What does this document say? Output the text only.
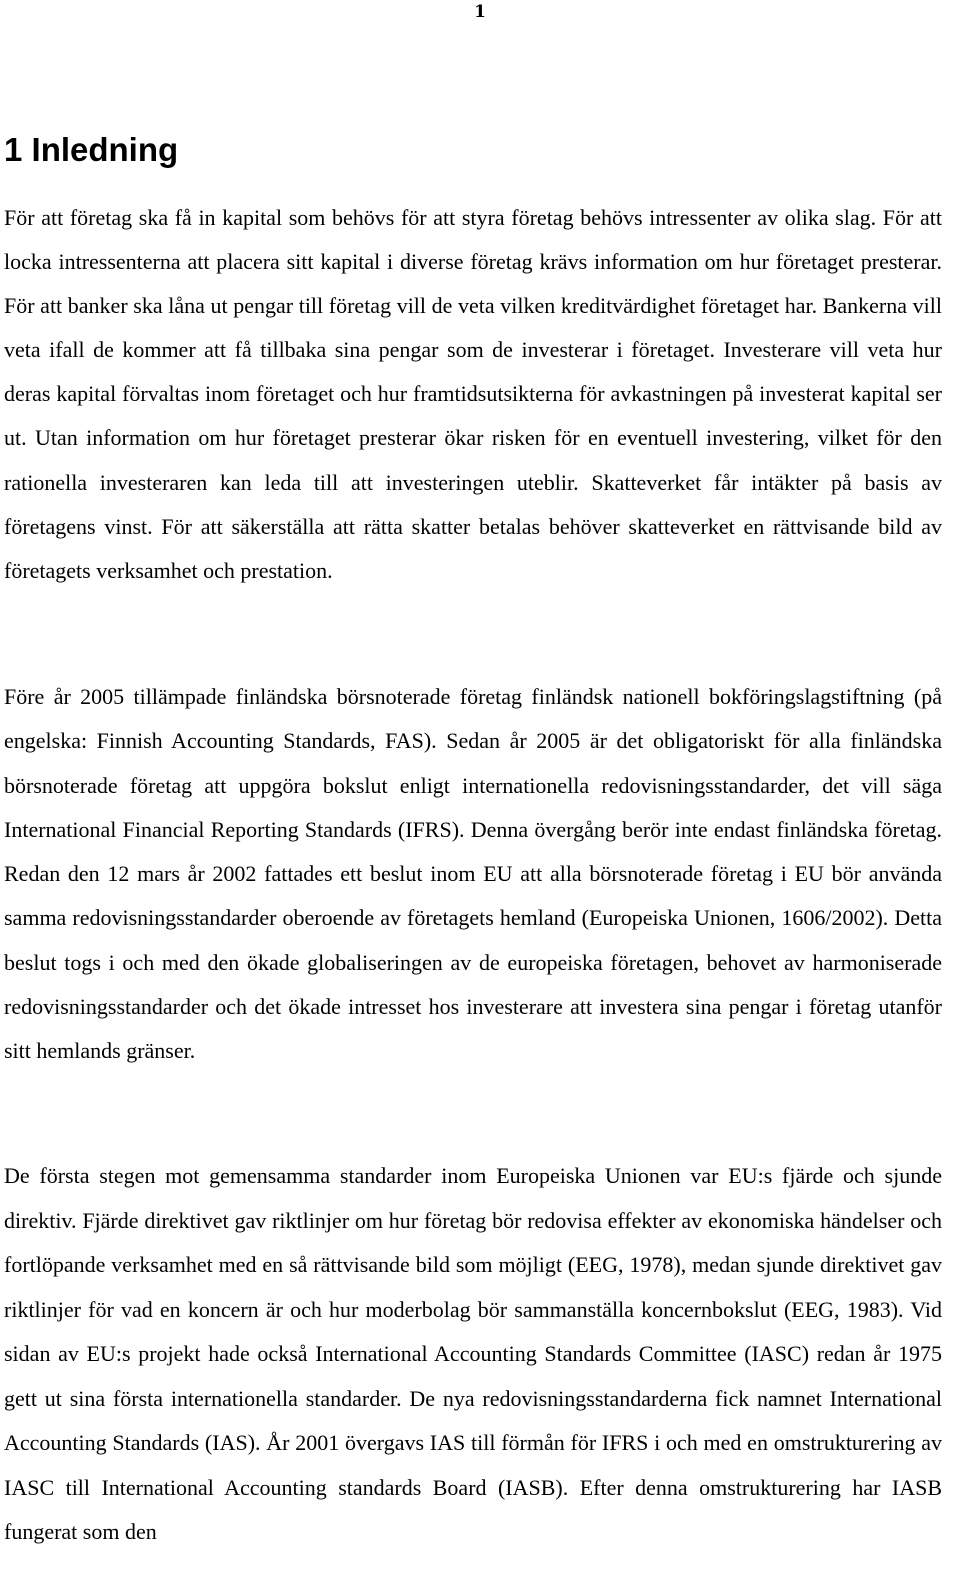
1
1 Inledning

För att företag ska få in kapital som behövs för att styra företag behövs intressenter av olika slag. För att locka intressenterna att placera sitt kapital i diverse företag krävs information om hur företaget presterar. För att banker ska låna ut pengar till företag vill de veta vilken kreditvärdighet företaget har. Bankerna vill veta ifall de kommer att få tillbaka sina pengar som de investerar i företaget. Investerare vill veta hur deras kapital förvaltas inom företaget och hur framtidsutsikterna för avkastningen på investerat kapital ser ut. Utan information om hur företaget presterar ökar risken för en eventuell investering, vilket för den rationella investeraren kan leda till att investeringen uteblir. Skatteverket får intäkter på basis av företagens vinst. För att säkerställa att rätta skatter betalas behöver skatteverket en rättvisande bild av företagets verksamhet och prestation.

Före år 2005 tillämpade finländska börsnoterade företag finländsk nationell bokföringslagstiftning (på engelska: Finnish Accounting Standards, FAS). Sedan år 2005 är det obligatoriskt för alla finländska börsnoterade företag att uppgöra bokslut enligt internationella redovisningsstandarder, det vill säga International Financial Reporting Standards (IFRS). Denna övergång berör inte endast finländska företag. Redan den 12 mars år 2002 fattades ett beslut inom EU att alla börsnoterade företag i EU bör använda samma redovisningsstandarder oberoende av företagets hemland (Europeiska Unionen, 1606/2002). Detta beslut togs i och med den ökade globaliseringen av de europeiska företagen, behovet av harmoniserade redovisningsstandarder och det ökade intresset hos investerare att investera sina pengar i företag utanför sitt hemlands gränser.

De första stegen mot gemensamma standarder inom Europeiska Unionen var EU:s fjärde och sjunde direktiv. Fjärde direktivet gav riktlinjer om hur företag bör redovisa effekter av ekonomiska händelser och fortlöpande verksamhet med en så rättvisande bild som möjligt (EEG, 1978), medan sjunde direktivet gav riktlinjer för vad en koncern är och hur moderbolag bör sammanställa koncernbokslut (EEG, 1983). Vid sidan av EU:s projekt hade också International Accounting Standards Committee (IASC) redan år 1975 gett ut sina första internationella standarder. De nya redovisningsstandarderna fick namnet International Accounting Standards (IAS). År 2001 övergavs IAS till förmån för IFRS i och med en omstrukturering av IASC till International Accounting standards Board (IASB). Efter denna omstrukturering har IASB fungerat som den
